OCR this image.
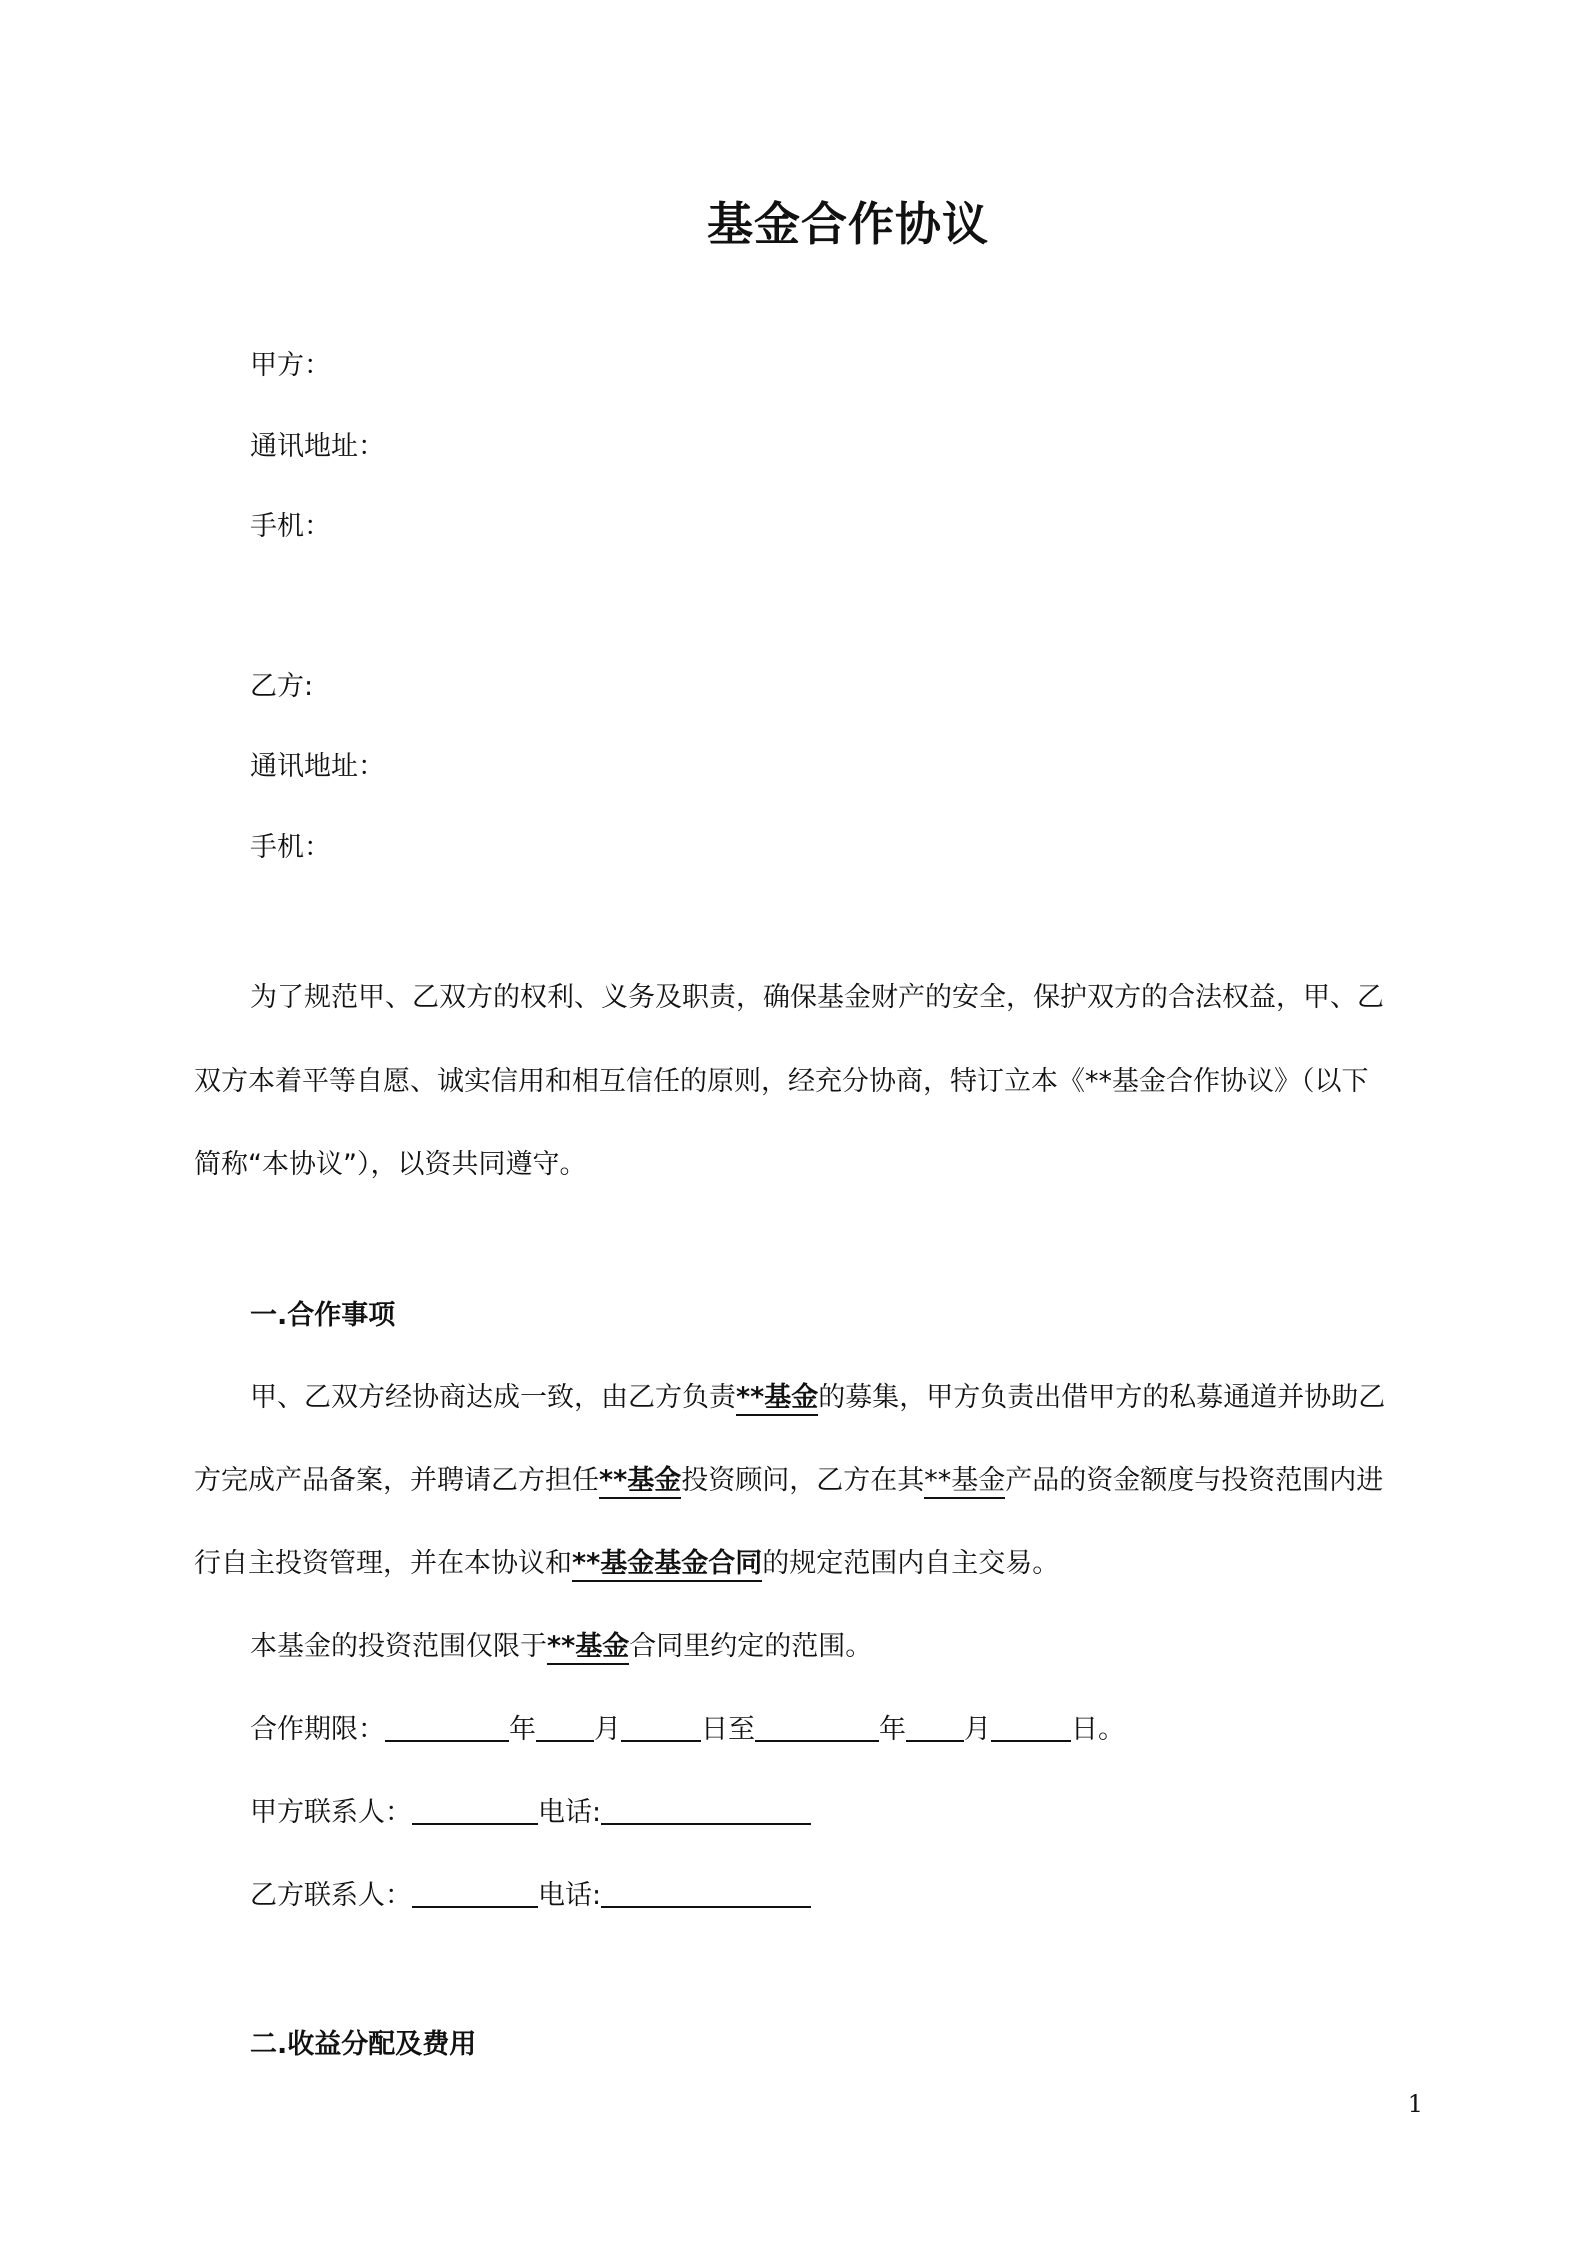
基金合作协议
甲方：
通讯地址：
手机：
乙方:
通讯地址：
手机：
为了规范甲、乙双方的权利、义务及职责，确保基金财产的安全，保护双方的合法权益，甲、乙
双方本着平等自愿、诚实信用和相互信任的原则，经充分协商，特订立本《**基金合作协议》（以下
简称“本协议”），以资共同遵守。
一.合作事项
甲、乙双方经协商达成一致，由乙方负责**基金的募集，甲方负责出借甲方的私募通道并协助乙
方完成产品备案，并聘请乙方担任**基金投资顾问，乙方在其**基金产品的资金额度与投资范围内进
行自主投资管理，并在本协议和**基金基金合同的规定范围内自主交易。
本基金的投资范围仅限于**基金合同里约定的范围。
合作期限：	年 月	日至	年 月	日。
甲方联系人：	电话:
乙方联系人：	电话:
二.收益分配及费用
1
